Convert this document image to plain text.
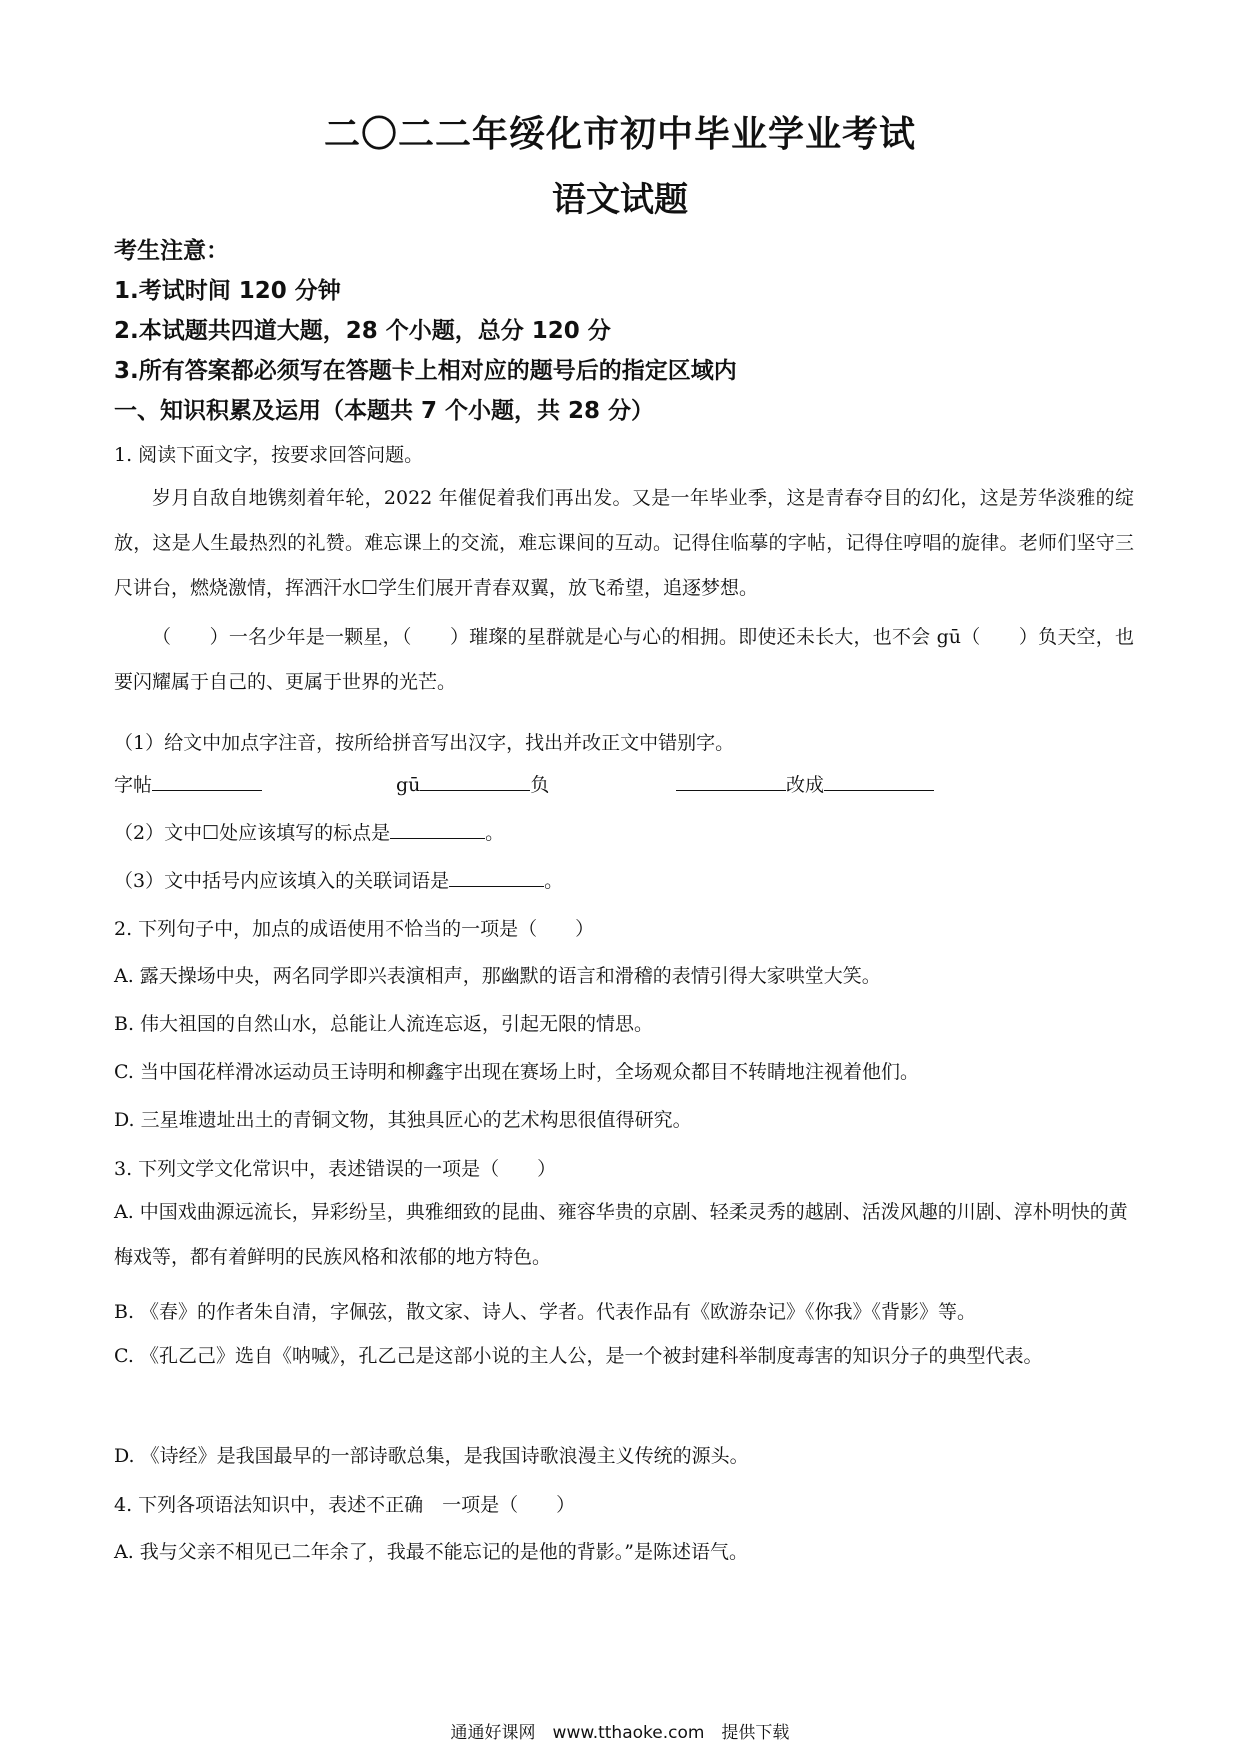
二〇二二年绥化市初中毕业学业考试
语文试题
考生注意：
1.考试时间 120 分钟
2.本试题共四道大题，28 个小题，总分 120 分
3.所有答案都必须写在答题卡上相对应的题号后的指定区域内
一、知识积累及运用（本题共 7 个小题，共 28 分）
1. 阅读下面文字，按要求回答问题。

岁月自敌自地镌刻着年轮，2022 年催促着我们再出发。又是一年毕业季，这是青春夺目的幻化，这是芳华淡雅的绽放，这是人生最热烈的礼赞。难忘课上的交流，难忘课间的互动。记得住临摹的字帖，记得住哼唱的旋律。老师们坚守三尺讲台，燃烧激情，挥洒汗水☐学生们展开青春双翼，放飞希望，追逐梦想。

（　　）一名少年是一颗星，（　　）璀璨的星群就是心与心的相拥。即使还未长大，也不会 gū（　　）负天空，也要闪耀属于自己的、更属于世界的光芒。

（1）给文中加点字注音，按所给拼音写出汉字，找出并改正文中错别字。
字帖	gū	负	改成
（2）文中☐处应该填写的标点是	。
（3）文中括号内应该填入的关联词语是	。
2. 下列句子中，加点的成语使用不恰当的一项是（　　）
A. 露天操场中央，两名同学即兴表演相声，那幽默的语言和滑稽的表情引得大家哄堂大笑。
B. 伟大祖国的自然山水，总能让人流连忘返，引起无限的情思。
C. 当中国花样滑冰运动员王诗明和柳鑫宇出现在赛场上时，全场观众都目不转睛地注视着他们。
D. 三星堆遗址出土的青铜文物，其独具匠心的艺术构思很值得研究。
3. 下列文学文化常识中，表述错误的一项是（　　）
A. 中国戏曲源远流长，异彩纷呈，典雅细致的昆曲、雍容华贵的京剧、轻柔灵秀的越剧、活泼风趣的川剧、淳朴明快的黄梅戏等，都有着鲜明的民族风格和浓郁的地方特色。
B. 《春》的作者朱自清，字佩弦，散文家、诗人、学者。代表作品有《欧游杂记》《你我》《背影》等。
C. 《孔乙己》选自《呐喊》，孔乙己是这部小说的主人公，是一个被封建科举制度毒害的知识分子的典型代表。
D. 《诗经》是我国最早的一部诗歌总集，是我国诗歌浪漫主义传统的源头。
4. 下列各项语法知识中，表述不正确　一项是（　　）
A. 我与父亲不相见已二年余了，我最不能忘记的是他的背影。”是陈述语气。
通通好课网　www.tthaoke.com　提供下载
